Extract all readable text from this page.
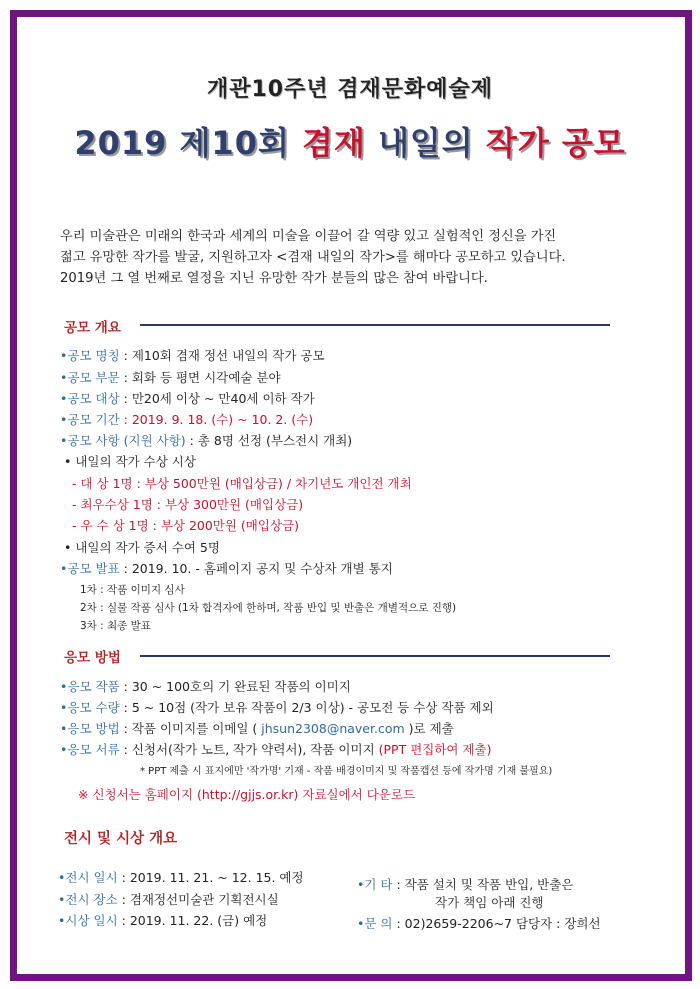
개관10주년 겸재문화예술제
2019 제10회 겸재 내일의 작가 공모
우리 미술관은 미래의 한국과 세계의 미술을 이끌어 갈 역량 있고 실험적인 정신을 가진
젊고 유망한 작가를 발굴, 지원하고자 <겸재 내일의 작가>를 해마다 공모하고 있습니다.
2019년 그 열 번째로 열정을 지닌 유망한 작가 분들의 많은 참여 바랍니다.
공모 개요
•공모 명칭 : 제10회 겸재 정선 내일의 작가 공모
•공모 부문 : 회화 등 평면 시각예술 분야
•공모 대상 : 만20세 이상 ~ 만40세 이하 작가
•공모 기간 : 2019. 9. 18. (수) ~ 10. 2. (수)
•공모 사항 (지원 사항) : 총 8명 선정 (부스전시 개최)
• 내일의 작가 수상 시상
- 대 상 1명 : 부상 500만원 (매입상금) / 차기년도 개인전 개최
- 최우수상 1명 : 부상 300만원 (매입상금)
- 우 수 상 1명 : 부상 200만원 (매입상금)
• 내일의 작가 증서 수여 5명
•공모 발표 : 2019. 10. - 홈페이지 공지 및 수상자 개별 통지
1차 : 작품 이미지 심사
2차 : 실물 작품 심사 (1차 합격자에 한하며, 작품 반입 및 반출은 개별적으로 진행)
3차 : 최종 발표
응모 방법
•응모 작품 : 30 ~ 100호의 기 완료된 작품의 이미지
•응모 수량 : 5 ~ 10점 (작가 보유 작품이 2/3 이상) - 공모전 등 수상 작품 제외
•응모 방법 : 작품 이미지를 이메일 ( jhsun2308@naver.com )로 제출
•응모 서류 : 신청서(작가 노트, 작가 약력서), 작품 이미지 (PPT 편집하여 제출)
* PPT 제출 시 표지에만 '작가명' 기재 - 작품 배경이미지 및 작품캡션 등에 작가명 기재 불필요)
※ 신청서는 홈페이지 (http://gjjs.or.kr) 자료실에서 다운로드
전시 및 시상 개요
•전시 일시 : 2019. 11. 21. ~ 12. 15. 예정
•전시 장소 : 겸재정선미술관 기획전시실
•시상 일시 : 2019. 11. 22. (금) 예정
•기 타 : 작품 설치 및 작품 반입, 반출은
작가 책임 아래 진행
•문 의 : 02)2659-2206~7 담당자 : 장희선
